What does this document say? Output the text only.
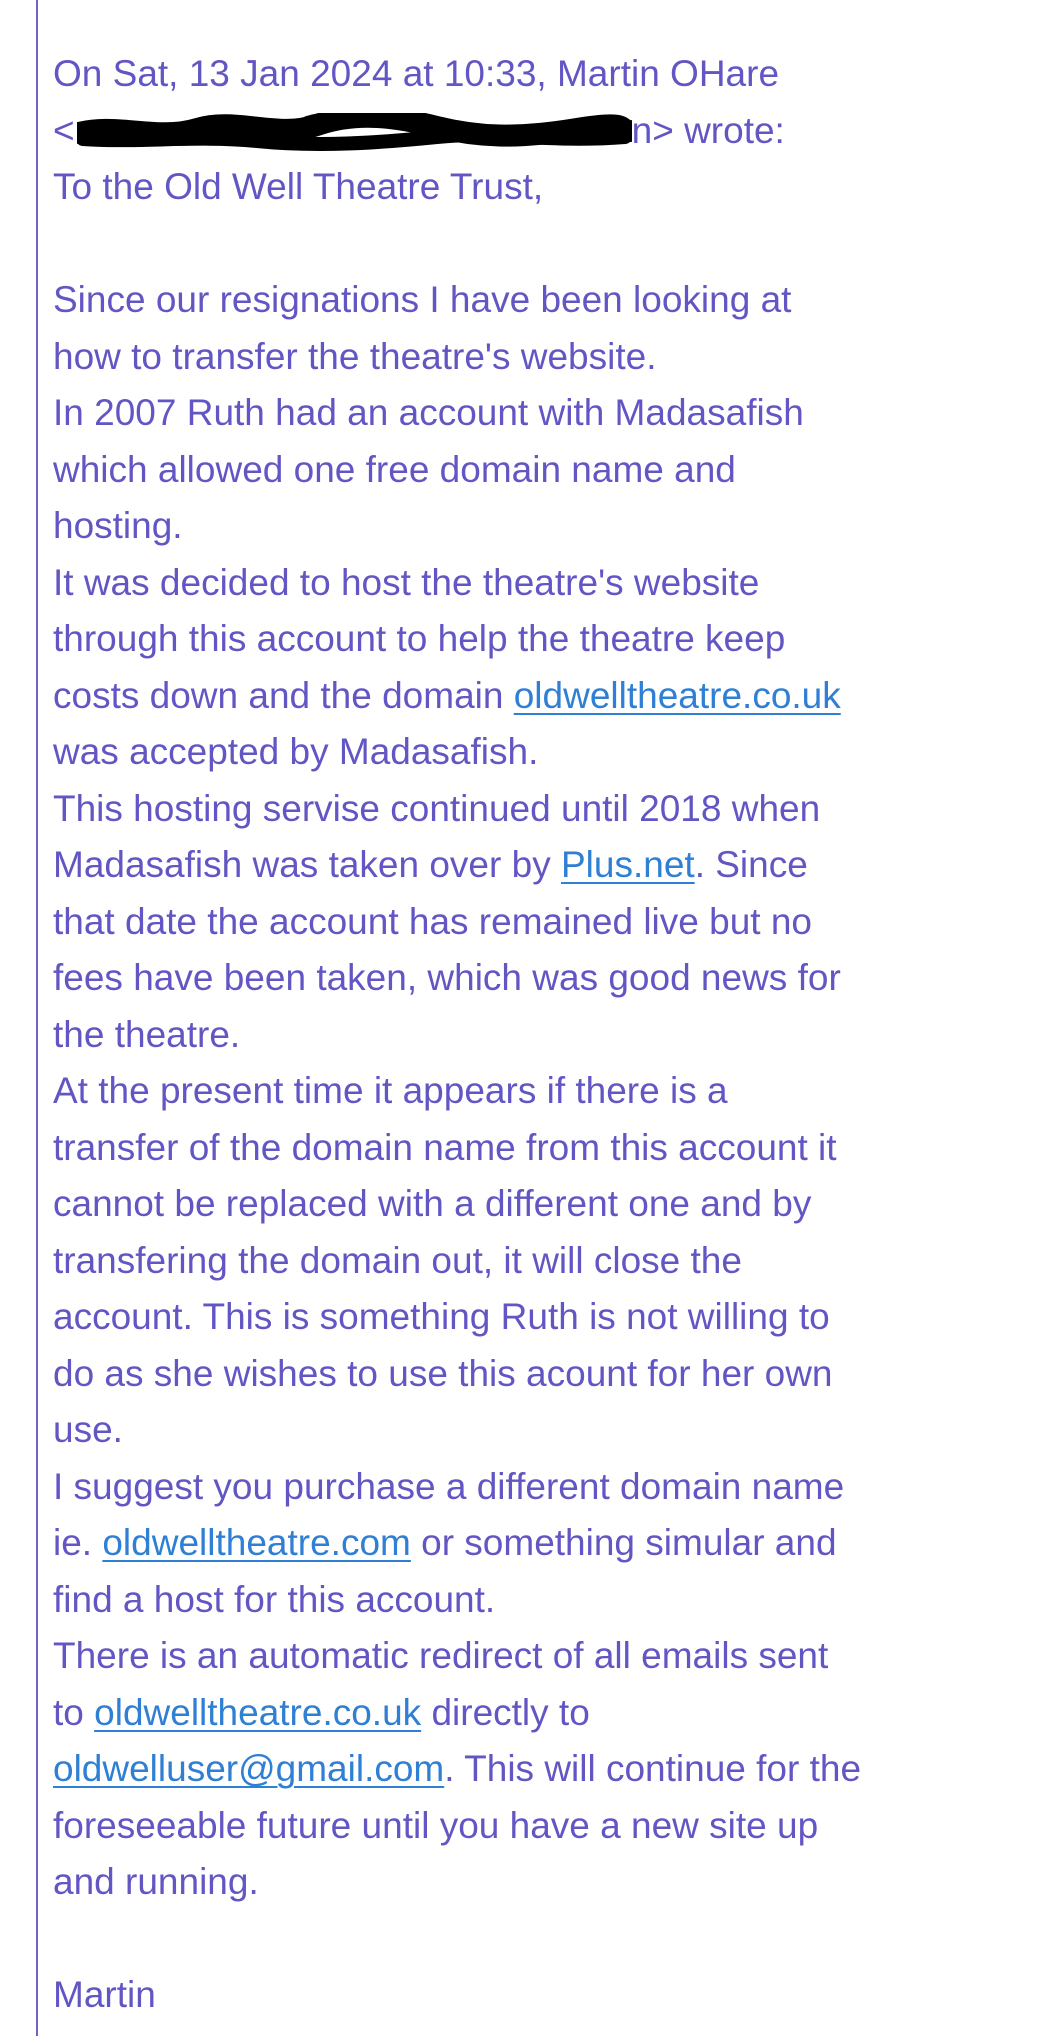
On Sat, 13 Jan 2024 at 10:33, Martin OHare
<	n> wrote:
To the Old Well Theatre Trust,
Since our resignations I have been looking at
how to transfer the theatre's website.
In 2007 Ruth had an account with Madasafish
which allowed one free domain name and
hosting.
It was decided to host the theatre's website
through this account to help the theatre keep
costs down and the domain oldwelltheatre.co.uk
was accepted by Madasafish.
This hosting servise continued until 2018 when
Madasafish was taken over by Plus.net. Since
that date the account has remained live but no
fees have been taken, which was good news for
the theatre.
At the present time it appears if there is a
transfer of the domain name from this account it
cannot be replaced with a different one and by
transfering the domain out, it will close the
account. This is something Ruth is not willing to
do as she wishes to use this acount for her own
use.
I suggest you purchase a different domain name
ie. oldwelltheatre.com or something simular and
find a host for this account.
There is an automatic redirect of all emails sent
to oldwelltheatre.co.uk directly to
oldwelluser@gmail.com. This will continue for the
foreseeable future until you have a new site up
and running.
Martin
